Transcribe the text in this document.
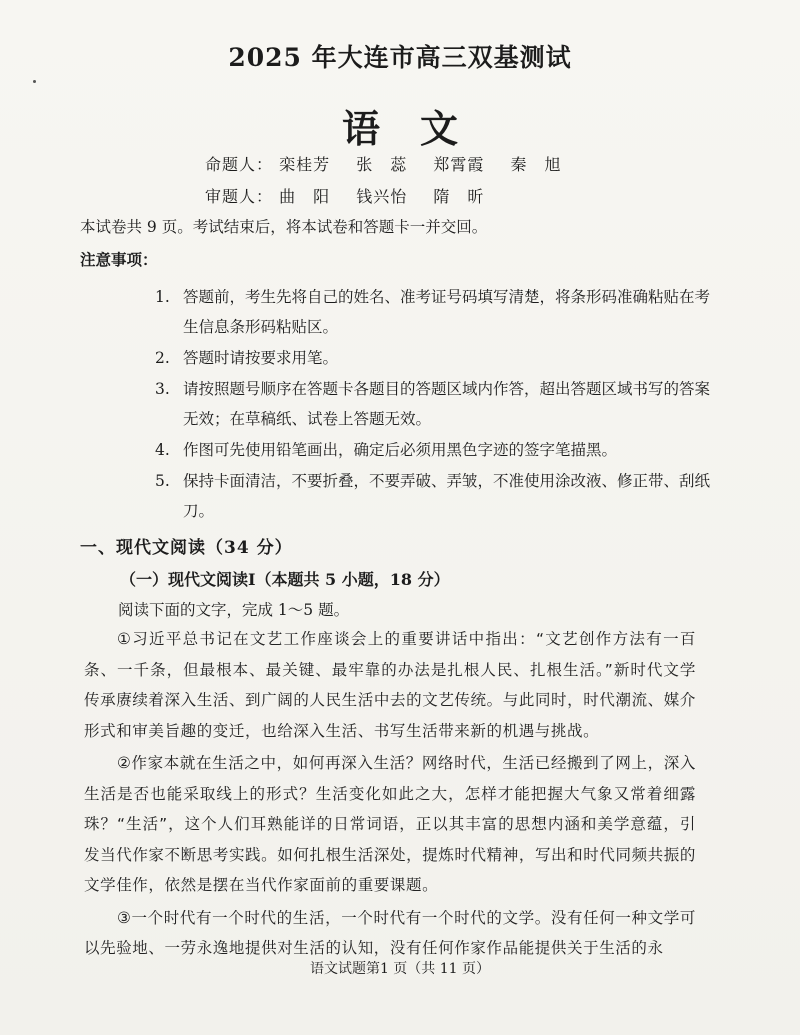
2025 年大连市高三双基测试
语文
命题人： 栾桂芳 张　蕊 郑霄霞 秦　旭
审题人： 曲　阳 钱兴怡 隋　昕
本试卷共 9 页。考试结束后，将本试卷和答题卡一并交回。
注意事项：
1. 答题前，考生先将自己的姓名、准考证号码填写清楚，将条形码准确粘贴在考生信息条形码粘贴区。
2. 答题时请按要求用笔。
3. 请按照题号顺序在答题卡各题目的答题区域内作答，超出答题区域书写的答案无效；在草稿纸、试卷上答题无效。
4. 作图可先使用铅笔画出，确定后必须用黑色字迹的签字笔描黑。
5. 保持卡面清洁，不要折叠，不要弄破、弄皱，不准使用涂改液、修正带、刮纸刀。
一、现代文阅读（34 分）
（一）现代文阅读Ⅰ（本题共 5 小题，18 分）
阅读下面的文字，完成 1～5 题。

①习近平总书记在文艺工作座谈会上的重要讲话中指出：“文艺创作方法有一百条、一千条，但最根本、最关键、最牢靠的办法是扎根人民、扎根生活。”新时代文学传承赓续着深入生活、到广阔的人民生活中去的文艺传统。与此同时，时代潮流、媒介形式和审美旨趣的变迁，也给深入生活、书写生活带来新的机遇与挑战。

②作家本就在生活之中，如何再深入生活？网络时代，生活已经搬到了网上，深入生活是否也能采取线上的形式？生活变化如此之大，怎样才能把握大气象又常着细露珠？“生活”，这个人们耳熟能详的日常词语，正以其丰富的思想内涵和美学意蕴，引发当代作家不断思考实践。如何扎根生活深处，提炼时代精神，写出和时代同频共振的文学佳作，依然是摆在当代作家面前的重要课题。

③一个时代有一个时代的生活，一个时代有一个时代的文学。没有任何一种文学可以先验地、一劳永逸地提供对生活的认知，没有任何作家作品能提供关于生活的永

语文试题第1 页（共 11 页）
